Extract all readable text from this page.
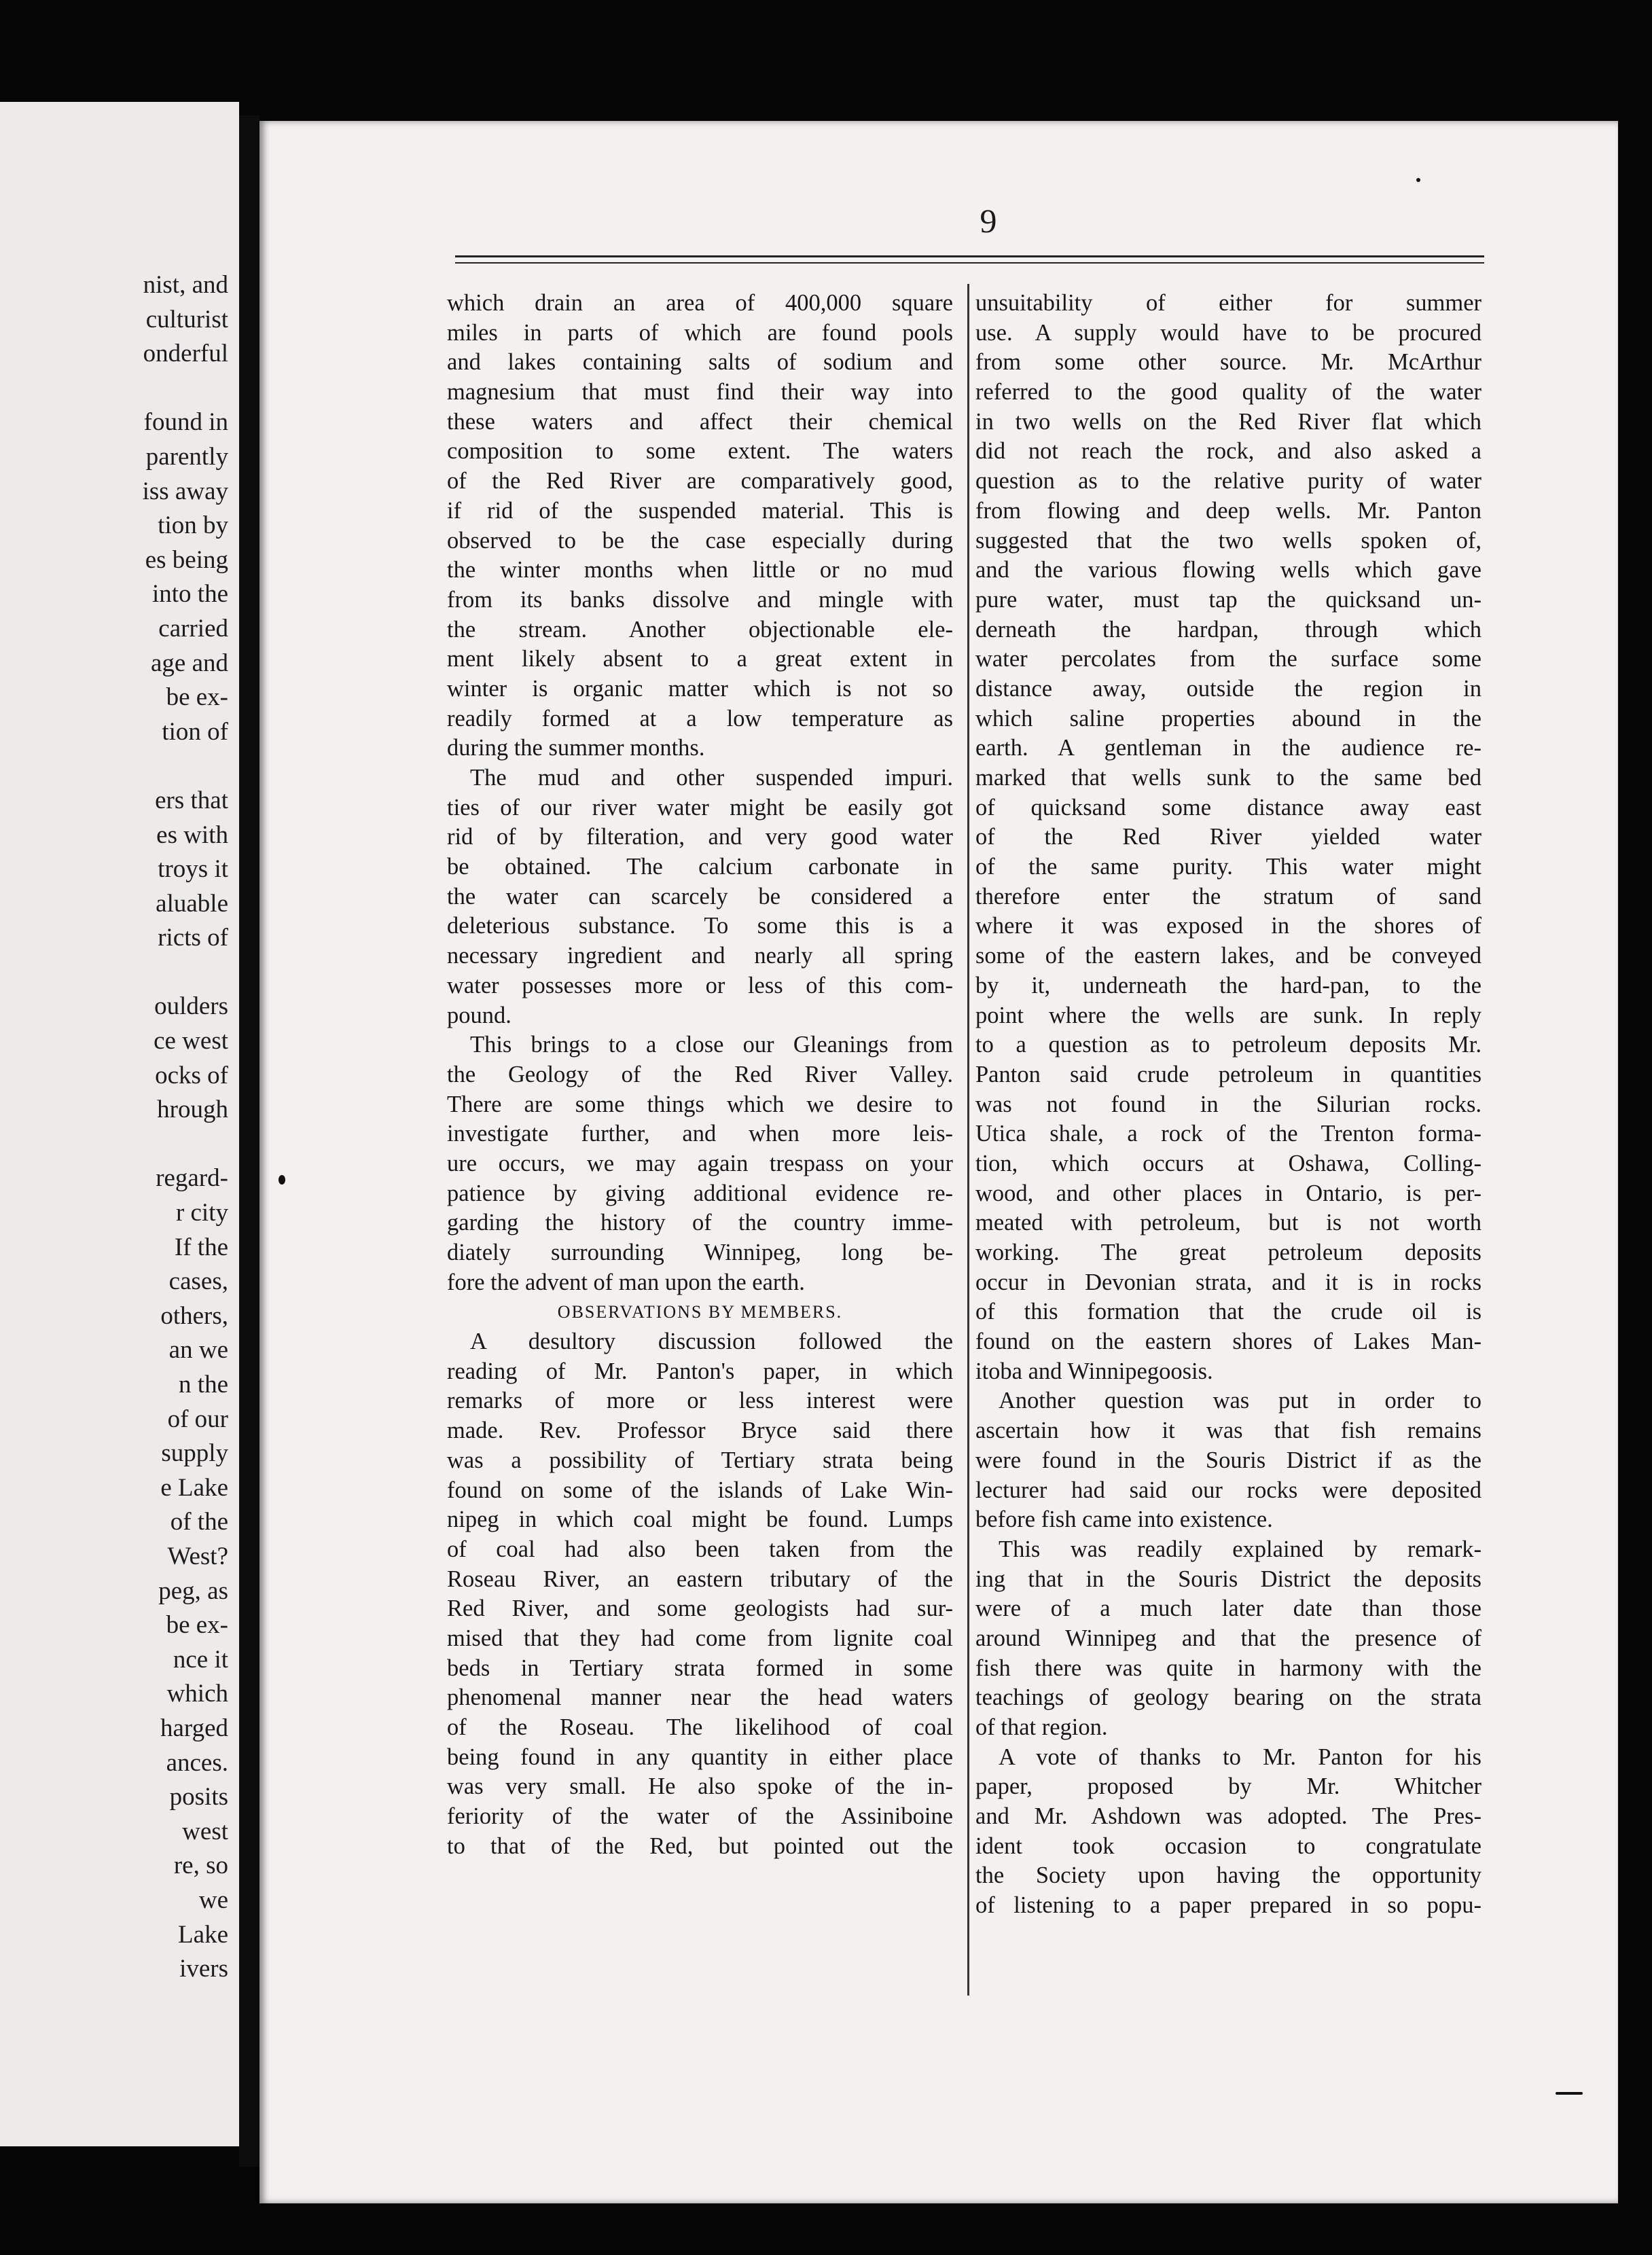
nist, and
culturist
onderful
found in
parently
iss away
tion by
es being
into the
carried
age and
be ex-
tion of
ers that
es with
troys it
aluable
ricts of
oulders
ce west
ocks of
hrough
regard-
r city
If the
cases,
others,
an we
n the
of our
supply
e Lake
of the
West?
peg, as
be ex-
nce it
which
harged
ances.
posits
west
re, so
we
Lake
ivers
9
which drain an area of 400,000 square
miles in parts of which are found pools
and lakes containing salts of sodium and
magnesium that must find their way into
these waters and affect their chemical
composition to some extent. The waters
of the Red River are comparatively good,
if rid of the suspended material. This is
observed to be the case especially during
the winter months when little or no mud
from its banks dissolve and mingle with
the stream. Another objectionable ele-
ment likely absent to a great extent in
winter is organic matter which is not so
readily formed at a low temperature as
during the summer months.
The mud and other suspended impuri.
ties of our river water might be easily got
rid of by filteration, and very good water
be obtained. The calcium carbonate in
the water can scarcely be considered a
deleterious substance. To some this is a
necessary ingredient and nearly all spring
water possesses more or less of this com-
pound.
This brings to a close our Gleanings from
the Geology of the Red River Valley.
There are some things which we desire to
investigate further, and when more leis-
ure occurs, we may again trespass on your
patience by giving additional evidence re-
garding the history of the country imme-
diately surrounding Winnipeg, long be-
fore the advent of man upon the earth.
OBSERVATIONS BY MEMBERS.
A desultory discussion followed the
reading of Mr. Panton's paper, in which
remarks of more or less interest were
made. Rev. Professor Bryce said there
was a possibility of Tertiary strata being
found on some of the islands of Lake Win-
nipeg in which coal might be found. Lumps
of coal had also been taken from the
Roseau River, an eastern tributary of the
Red River, and some geologists had sur-
mised that they had come from lignite coal
beds in Tertiary strata formed in some
phenomenal manner near the head waters
of the Roseau. The likelihood of coal
being found in any quantity in either place
was very small. He also spoke of the in-
feriority of the water of the Assiniboine
to that of the Red, but pointed out the
unsuitability of either for summer
use. A supply would have to be procured
from some other source. Mr. McArthur
referred to the good quality of the water
in two wells on the Red River flat which
did not reach the rock, and also asked a
question as to the relative purity of water
from flowing and deep wells. Mr. Panton
suggested that the two wells spoken of,
and the various flowing wells which gave
pure water, must tap the quicksand un-
derneath the hardpan, through which
water percolates from the surface some
distance away, outside the region in
which saline properties abound in the
earth. A gentleman in the audience re-
marked that wells sunk to the same bed
of quicksand some distance away east
of the Red River yielded water
of the same purity. This water might
therefore enter the stratum of sand
where it was exposed in the shores of
some of the eastern lakes, and be conveyed
by it, underneath the hard-pan, to the
point where the wells are sunk. In reply
to a question as to petroleum deposits Mr.
Panton said crude petroleum in quantities
was not found in the Silurian rocks.
Utica shale, a rock of the Trenton forma-
tion, which occurs at Oshawa, Colling-
wood, and other places in Ontario, is per-
meated with petroleum, but is not worth
working. The great petroleum deposits
occur in Devonian strata, and it is in rocks
of this formation that the crude oil is
found on the eastern shores of Lakes Man-
itoba and Winnipegoosis.
Another question was put in order to
ascertain how it was that fish remains
were found in the Souris District if as the
lecturer had said our rocks were deposited
before fish came into existence.
This was readily explained by remark-
ing that in the Souris District the deposits
were of a much later date than those
around Winnipeg and that the presence of
fish there was quite in harmony with the
teachings of geology bearing on the strata
of that region.
A vote of thanks to Mr. Panton for his
paper, proposed by Mr. Whitcher
and Mr. Ashdown was adopted. The Pres-
ident took occasion to congratulate
the Society upon having the opportunity
of listening to a paper prepared in so popu-
